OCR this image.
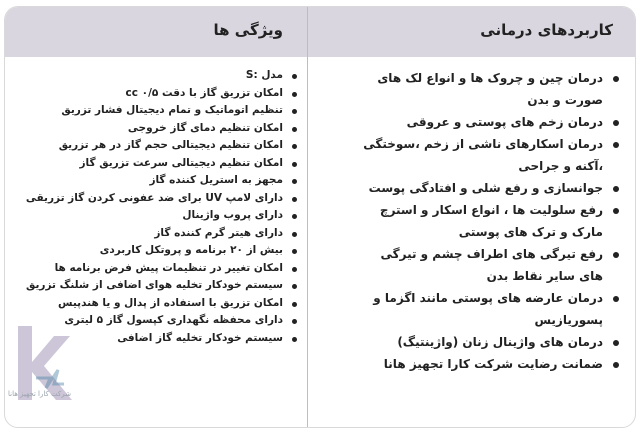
کاربردهای درمانی
ویژگی ها
مدل :S
امکان تزریق گاز با دقت ۰/۵ cc
تنظیم اتوماتیک و تمام دیجیتال فشار تزریق
امکان تنظیم دمای گاز خروجی
امکان تنظیم دیجیتالی حجم گاز در هر تزریق
امکان تنظیم دیجیتالی سرعت تزریق گاز
مجهز به استریل کننده گاز
دارای لامپ UV برای ضد عفونی کردن گاز تزریقی
دارای پروب واژینال
دارای هیتر گرم کننده گاز
بیش از ۲۰ برنامه و پروتکل کاربردی
امکان تغییر در تنظیمات پیش فرض برنامه ها
سیستم خودکار تخلیه هوای اضافی از شلنگ تزریق
امکان تزریق با استفاده از پدال و یا هندپیس
دارای محفظه نگهداری کپسول گاز ۵ لیتری
سیستم خودکار تخلیه گاز اضافی
درمان چین و چروک ها و انواع لک های صورت و بدن
درمان زخم های پوستی و عروقی
درمان اسکارهای ناشی از زخم ،سوختگی ،آکنه و جراحی
جوانسازی و رفع شلی و افتادگی پوست
رفع سلولیت ها ، انواع اسکار و استرچ مارک و ترک های پوستی
رفع تیرگی های اطراف چشم و تیرگی های سایر نقاط بدن
درمان عارضه های پوستی مانند اگزما و پسوریازیس
درمان های واژینال زنان (واژینتیگ)
ضمانت رضایت شرکت کارا تجهیز هانا
شرکت کارا تجهیز هانا
